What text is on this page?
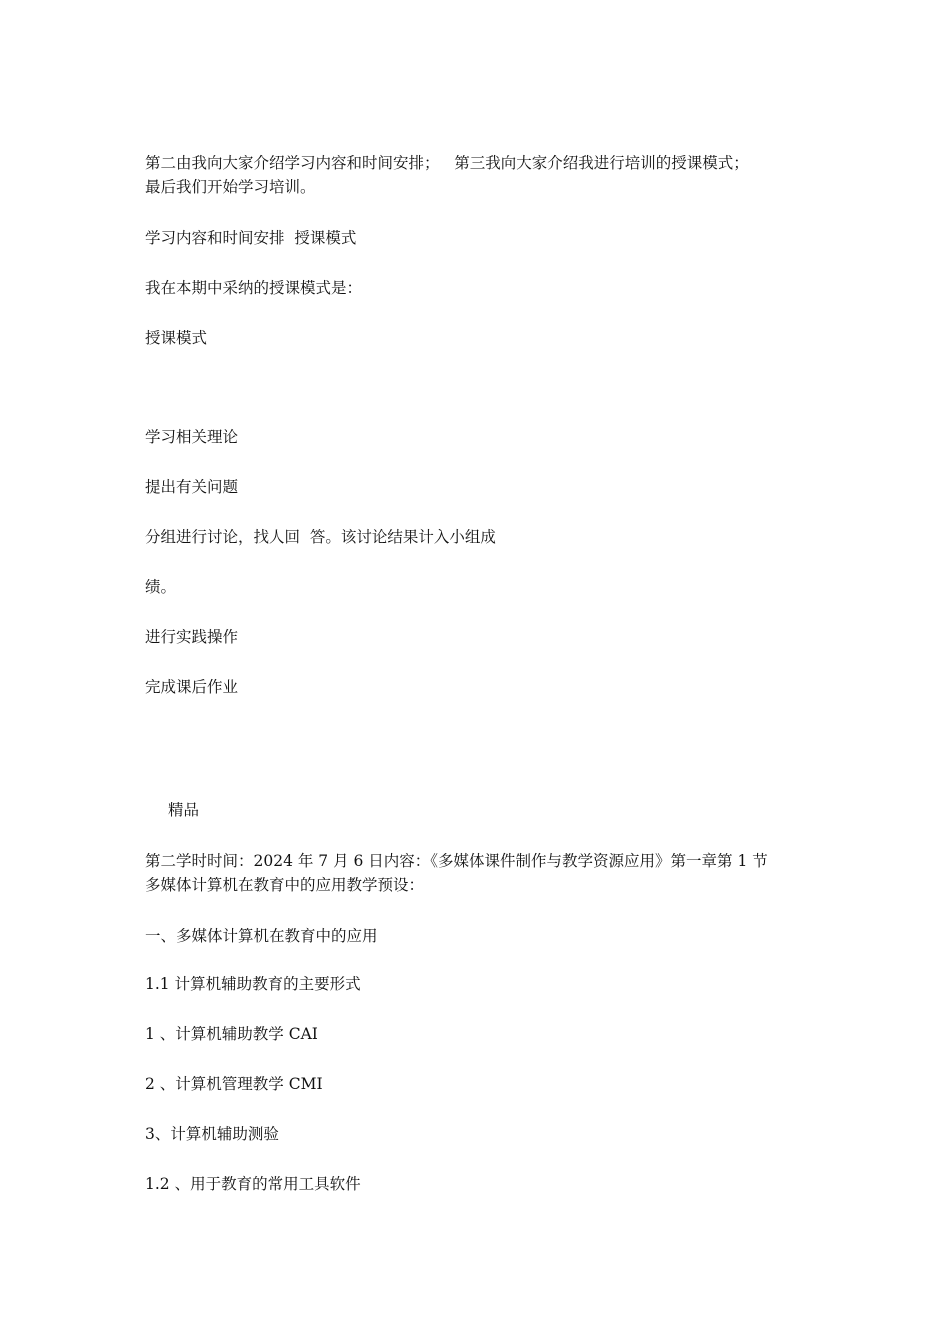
第二由我向大家介绍学习内容和时间安排；   第三我向大家介绍我进行培训的授课模式；
最后我们开始学习培训。
学习内容和时间安排  授课模式
我在本期中采纳的授课模式是：
授课模式
学习相关理论
提出有关问题
分组进行讨论，找人回  答。该讨论结果计入小组成
绩。
进行实践操作
完成课后作业
精品
第二学时时间：2024 年 7 月 6 日内容：《多媒体课件制作与教学资源应用》第一章第 1 节
多媒体计算机在教育中的应用教学预设：
一、多媒体计算机在教育中的应用
1.1 计算机辅助教育的主要形式
1 、计算机辅助教学 CAI
2 、计算机管理教学 CMI
3、计算机辅助测验
1.2 、用于教育的常用工具软件
